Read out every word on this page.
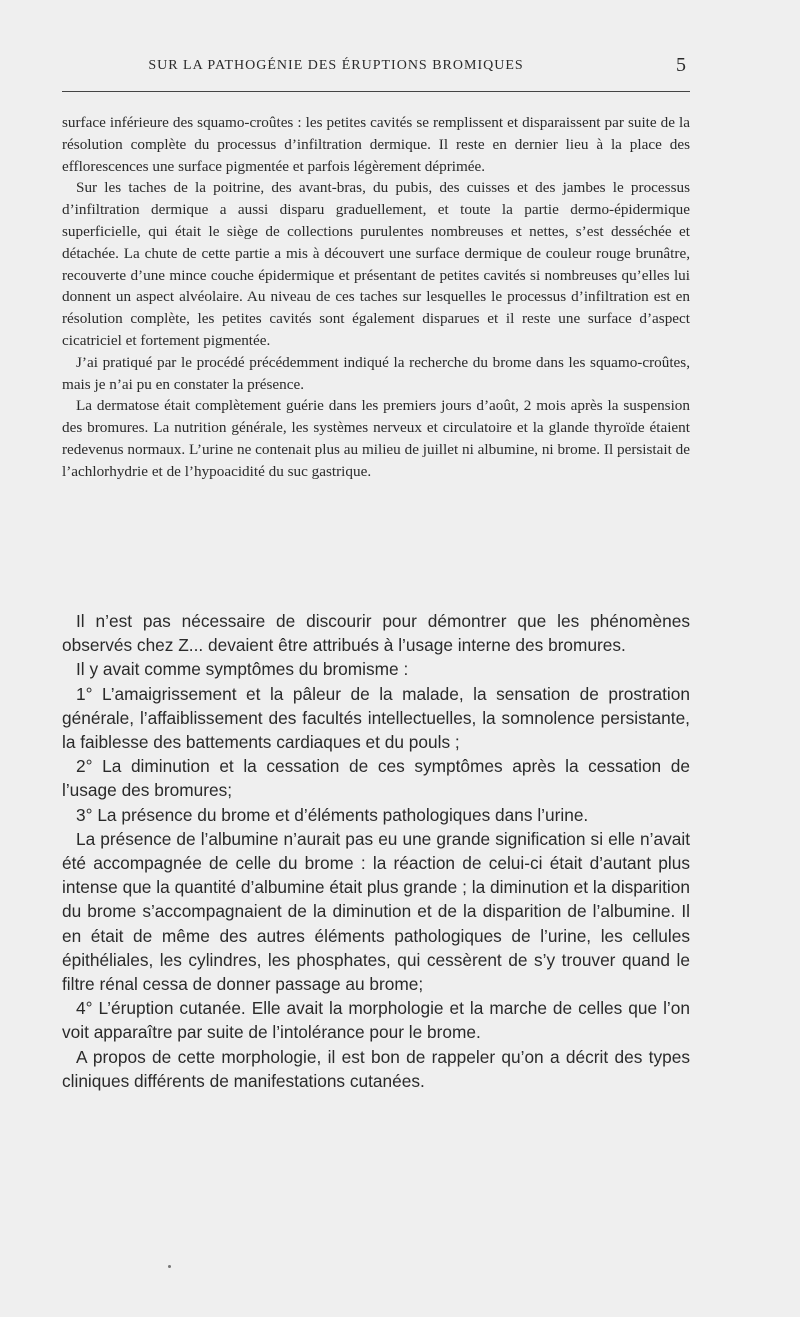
SUR LA PATHOGÉNIE DES ÉRUPTIONS BROMIQUES	5

surface inférieure des squamo-croûtes : les petites cavités se remplissent et disparaissent par suite de la résolution complète du processus d’infiltration dermique. Il reste en dernier lieu à la place des efflorescences une surface pigmentée et parfois légèrement déprimée.

Sur les taches de la poitrine, des avant-bras, du pubis, des cuisses et des jambes le processus d’infiltration dermique a aussi disparu graduellement, et toute la partie dermo-épidermique superficielle, qui était le siège de collections purulentes nombreuses et nettes, s’est desséchée et détachée. La chute de cette partie a mis à découvert une surface dermique de couleur rouge brunâtre, recouverte d’une mince couche épidermique et présentant de petites cavités si nombreuses qu’elles lui donnent un aspect alvéolaire. Au niveau de ces taches sur lesquelles le processus d’infiltration est en résolution complète, les petites cavités sont également disparues et il reste une surface d’aspect cicatriciel et fortement pigmentée.

J’ai pratiqué par le procédé précédemment indiqué la recherche du brome dans les squamo-croûtes, mais je n’ai pu en constater la présence.

La dermatose était complètement guérie dans les premiers jours d’août, 2 mois après la suspension des bromures. La nutrition générale, les systèmes nerveux et circulatoire et la glande thyroïde étaient redevenus normaux. L’urine ne contenait plus au milieu de juillet ni albumine, ni brome. Il persistait de l’achlorhydrie et de l’hypoacidité du suc gastrique.

Il n’est pas nécessaire de discourir pour démontrer que les phénomènes observés chez Z... devaient être attribués à l’usage interne des bromures.

Il y avait comme symptômes du bromisme :

1° L’amaigrissement et la pâleur de la malade, la sensation de prostration générale, l’affaiblissement des facultés intellectuelles, la somnolence persistante, la faiblesse des battements cardiaques et du pouls ;

2° La diminution et la cessation de ces symptômes après la cessation de l’usage des bromures;

3° La présence du brome et d’éléments pathologiques dans l’urine.

La présence de l’albumine n’aurait pas eu une grande signification si elle n’avait été accompagnée de celle du brome : la réaction de celui-ci était d’autant plus intense que la quantité d’albumine était plus grande ; la diminution et la disparition du brome s’accompagnaient de la diminution et de la disparition de l’albumine. Il en était de même des autres éléments pathologiques de l’urine, les cellules épithéliales, les cylindres, les phosphates, qui cessèrent de s’y trouver quand le filtre rénal cessa de donner passage au brome;

4° L’éruption cutanée. Elle avait la morphologie et la marche de celles que l’on voit apparaître par suite de l’intolérance pour le brome.

A propos de cette morphologie, il est bon de rappeler qu’on a décrit des types cliniques différents de manifestations cutanées.
